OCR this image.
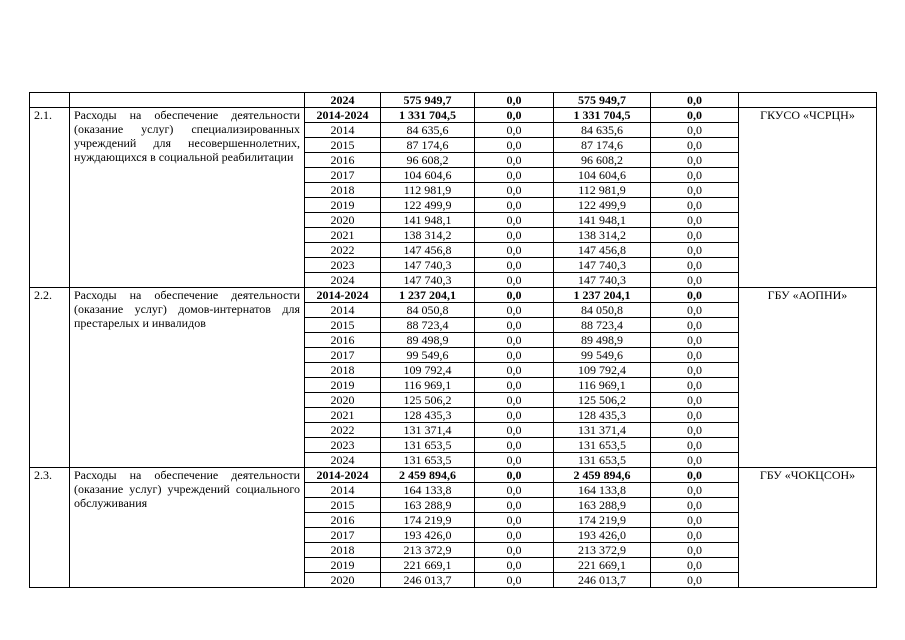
		2024	575 949,7	0,0	575 949,7	0,0	
2.1.	Расходы на обеспечение деятельности (оказание услуг) специализированных учреждений для несовершеннолетних, нуждающихся в социальной реабилитации	2014-2024	1 331 704,5	0,0	1 331 704,5	0,0	ГКУСО «ЧСРЦН»
		2014	84 635,6	0,0	84 635,6	0,0	
		2015	87 174,6	0,0	87 174,6	0,0	
		2016	96 608,2	0,0	96 608,2	0,0	
		2017	104 604,6	0,0	104 604,6	0,0	
		2018	112 981,9	0,0	112 981,9	0,0	
		2019	122 499,9	0,0	122 499,9	0,0	
		2020	141 948,1	0,0	141 948,1	0,0	
		2021	138 314,2	0,0	138 314,2	0,0	
		2022	147 456,8	0,0	147 456,8	0,0	
		2023	147 740,3	0,0	147 740,3	0,0	
		2024	147 740,3	0,0	147 740,3	0,0	
2.2.	Расходы на обеспечение деятельности (оказание услуг) домов-интернатов для престарелых и инвалидов	2014-2024	1 237 204,1	0,0	1 237 204,1	0,0	ГБУ «АОПНИ»
		2014	84 050,8	0,0	84 050,8	0,0	
		2015	88 723,4	0,0	88 723,4	0,0	
		2016	89 498,9	0,0	89 498,9	0,0	
		2017	99 549,6	0,0	99 549,6	0,0	
		2018	109 792,4	0,0	109 792,4	0,0	
		2019	116 969,1	0,0	116 969,1	0,0	
		2020	125 506,2	0,0	125 506,2	0,0	
		2021	128 435,3	0,0	128 435,3	0,0	
		2022	131 371,4	0,0	131 371,4	0,0	
		2023	131 653,5	0,0	131 653,5	0,0	
		2024	131 653,5	0,0	131 653,5	0,0	
2.3.	Расходы на обеспечение деятельности (оказание услуг) учреждений социального обслуживания	2014-2024	2 459 894,6	0,0	2 459 894,6	0,0	ГБУ «ЧОКЦСОН»
		2014	164 133,8	0,0	164 133,8	0,0	
		2015	163 288,9	0,0	163 288,9	0,0	
		2016	174 219,9	0,0	174 219,9	0,0	
		2017	193 426,0	0,0	193 426,0	0,0	
		2018	213 372,9	0,0	213 372,9	0,0	
		2019	221 669,1	0,0	221 669,1	0,0	
		2020	246 013,7	0,0	246 013,7	0,0	
